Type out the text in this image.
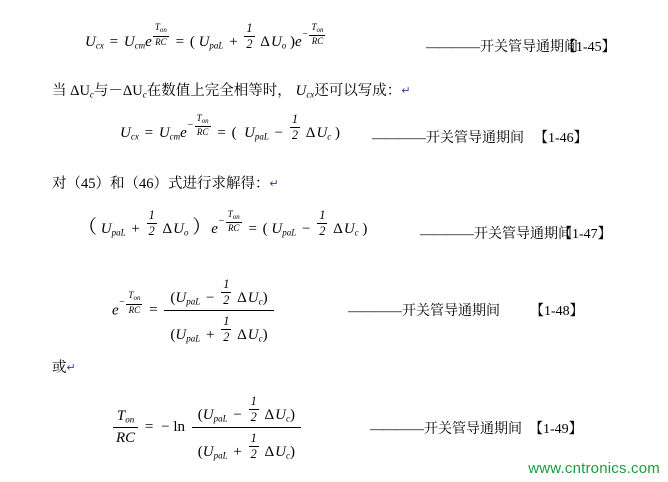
$U_{cx} = U_{cm}e \frac{T_{on}}{RC}$ = ( $U_{paL} + \frac{1}{2} \Delta U_o$ )$e- \frac{T_{on}}{RC}$
————开关管导通期间
【1-45】
当 $\Delta U_c$与$-\Delta U_c$在数值上完全相等时， $U_{cx}$还可以写成：↵
$U_{cx} = U_{cm}e- \frac{T_{on}}{RC}$ = (  $U_{paL} - \frac{1}{2} \Delta U_c$ ) ————开关管导通期间 【1-46】
对（45）和（46）式进行求解得：↵
（ $U_{paL} + \frac{1}{2} \Delta U_o$ ）$e- \frac{T_{on}}{RC}$ = ( $U_{paL} - \frac{1}{2} \Delta U_c$ )	————开关管导通期间
【1-47】
$e- \frac{T_{on}}{RC} = \frac{(U_{paL} - \frac{1}{2} \Delta U_c)}{(U_{paL} + \frac{1}{2} \Delta U_c)}$	————开关管导通期间 【1-48】
或↵
$\frac{T_{on}}{RC}$ = − $\ln \frac{(U_{paL} - \frac{1}{2} \Delta U_c)}{(U_{paL} + \frac{1}{2} \Delta U_c)}$	————开关管导通期间 【1-49】
www.cntronics.com
